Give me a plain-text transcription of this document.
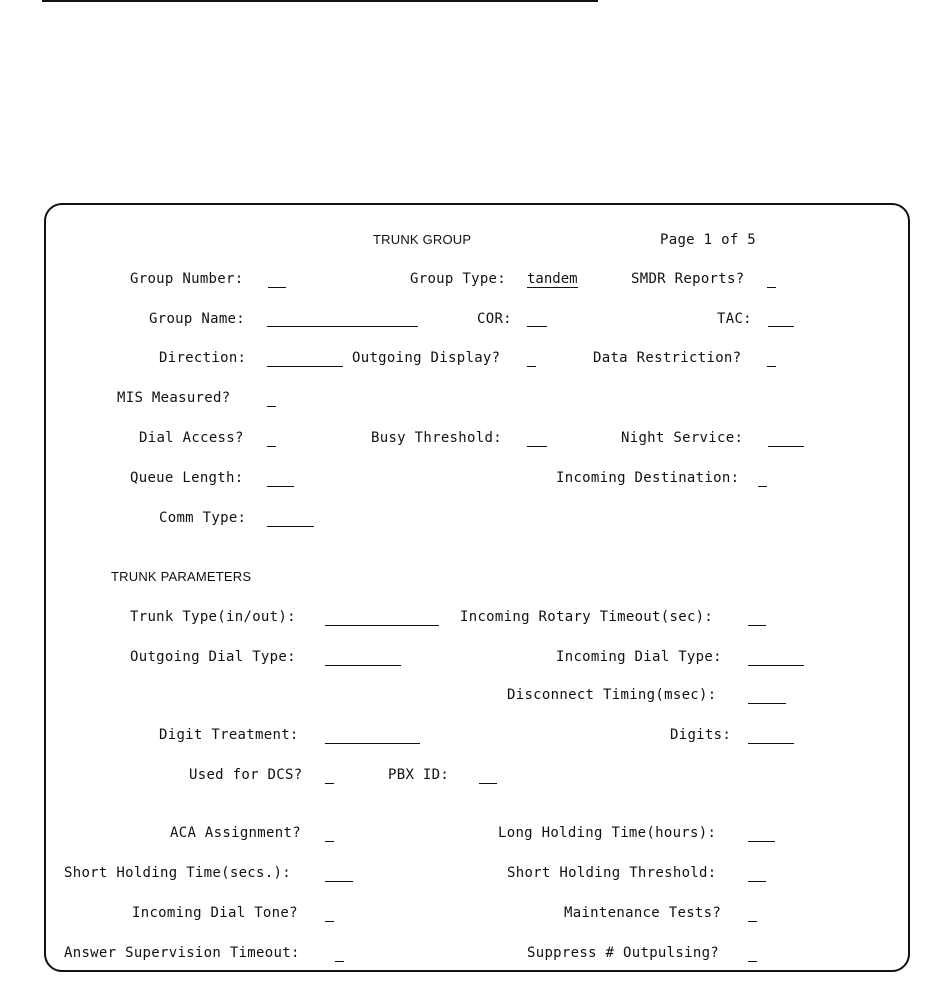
TRUNK GROUP	Page 1 of 5
Group Number:	Group Type: tandem	SMDR Reports?
Group Name:	COR:	TAC:
Direction:	Outgoing Display?	Data Restriction?
MIS Measured?
Dial Access?	Busy Threshold:	Night Service:
Queue Length:	Incoming Destination:
Comm Type:
TRUNK PARAMETERS
Trunk Type(in/out):	Incoming Rotary Timeout(sec):
Outgoing Dial Type:	Incoming Dial Type:
Disconnect Timing(msec):
Digit Treatment:	Digits:
Used for DCS?	PBX ID:
ACA Assignment?	Long Holding Time(hours):
Short Holding Time(secs.):	Short Holding Threshold:
Incoming Dial Tone?	Maintenance Tests?
Answer Supervision Timeout:	Suppress # Outpulsing?
